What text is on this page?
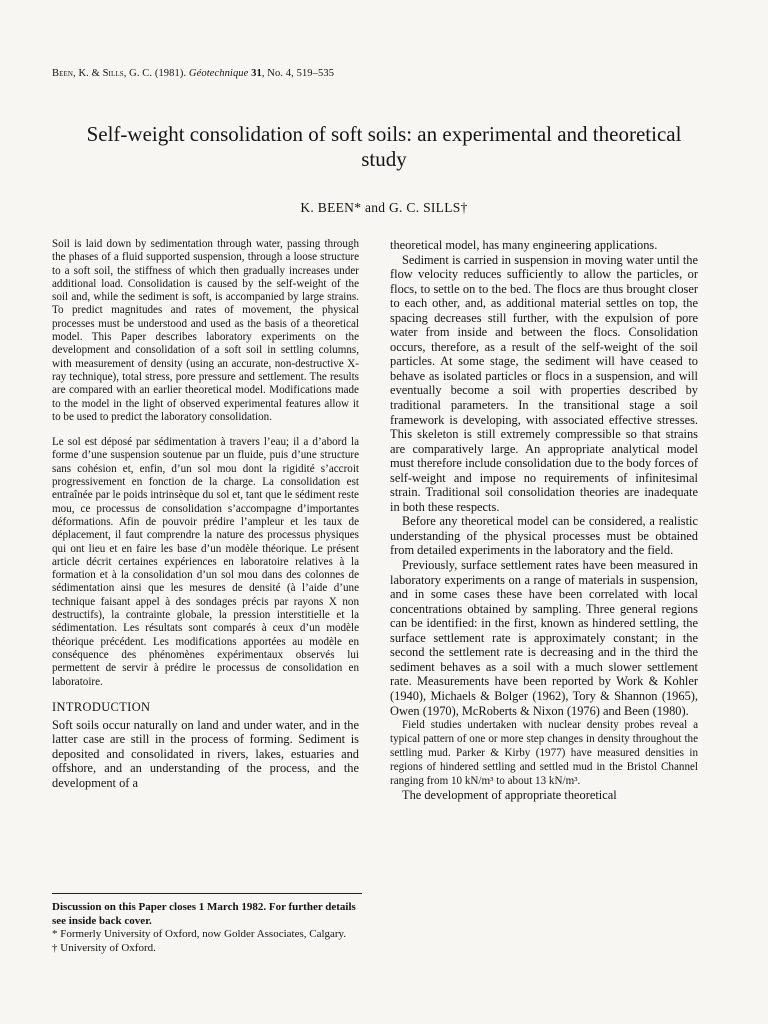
Been, K. & Sills, G. C. (1981). Géotechnique 31, No. 4, 519–535
Self-weight consolidation of soft soils: an experimental and theoretical study
K. BEEN* and G. C. SILLS†

Soil is laid down by sedimentation through water, passing through the phases of a fluid supported suspension, through a loose structure to a soft soil, the stiffness of which then gradually increases under additional load. Consolidation is caused by the self-weight of the soil and, while the sediment is soft, is accompanied by large strains. To predict magnitudes and rates of movement, the physical processes must be understood and used as the basis of a theoretical model. This Paper describes laboratory experiments on the development and consolidation of a soft soil in settling columns, with measurement of density (using an accurate, non-destructive X-ray technique), total stress, pore pressure and settlement. The results are compared with an earlier theoretical model. Modifications made to the model in the light of observed experimental features allow it to be used to predict the laboratory consolidation.

Le sol est déposé par sédimentation à travers l’eau; il a d’abord la forme d’une suspension soutenue par un fluide, puis d’une structure sans cohésion et, enfin, d’un sol mou dont la rigidité s’accroit progressivement en fonction de la charge. La consolidation est entraînée par le poids intrinsèque du sol et, tant que le sédiment reste mou, ce processus de consolidation s’accompagne d’importantes déformations. Afin de pouvoir prédire l’ampleur et les taux de déplacement, il faut comprendre la nature des processus physiques qui ont lieu et en faire les base d’un modèle théorique. Le présent article décrit certaines expériences en laboratoire relatives à la formation et à la consolidation d’un sol mou dans des colonnes de sédimentation ainsi que les mesures de densité (à l’aide d’une technique faisant appel à des sondages précis par rayons X non destructifs), la contrainte globale, la pression interstitielle et la sédimentation. Les résultats sont comparés à ceux d’un modèle théorique précédent. Les modifications apportées au modèle en conséquence des phénomènes expérimentaux observés lui permettent de servir à prédire le processus de consolidation en laboratoire.

INTRODUCTION

Soft soils occur naturally on land and under water, and in the latter case are still in the process of forming. Sediment is deposited and consolidated in rivers, lakes, estuaries and offshore, and an understanding of the process, and the development of a

theoretical model, has many engineering applications.

Sediment is carried in suspension in moving water until the flow velocity reduces sufficiently to allow the particles, or flocs, to settle on to the bed. The flocs are thus brought closer to each other, and, as additional material settles on top, the spacing decreases still further, with the expulsion of pore water from inside and between the flocs. Consolidation occurs, therefore, as a result of the self-weight of the soil particles. At some stage, the sediment will have ceased to behave as isolated particles or flocs in a suspension, and will eventually become a soil with properties described by traditional parameters. In the transitional stage a soil framework is developing, with associated effective stresses. This skeleton is still extremely compressible so that strains are comparatively large. An appropriate analytical model must therefore include consolidation due to the body forces of self-weight and impose no requirements of infinitesimal strain. Traditional soil consolidation theories are inadequate in both these respects.

Before any theoretical model can be considered, a realistic understanding of the physical processes must be obtained from detailed experiments in the laboratory and the field.

Previously, surface settlement rates have been measured in laboratory experiments on a range of materials in suspension, and in some cases these have been correlated with local concentrations obtained by sampling. Three general regions can be identified: in the first, known as hindered settling, the surface settlement rate is approximately constant; in the second the settlement rate is decreasing and in the third the sediment behaves as a soil with a much slower settlement rate. Measurements have been reported by Work & Kohler (1940), Michaels & Bolger (1962), Tory & Shannon (1965), Owen (1970), McRoberts & Nixon (1976) and Been (1980).

Field studies undertaken with nuclear density probes reveal a typical pattern of one or more step changes in density throughout the settling mud. Parker & Kirby (1977) have measured densities in regions of hindered settling and settled mud in the Bristol Channel ranging from 10 kN/m³ to about 13 kN/m³.

The development of appropriate theoretical

Discussion on this Paper closes 1 March 1982. For further details see inside back cover.

* Formerly University of Oxford, now Golder Associates, Calgary.

† University of Oxford.
